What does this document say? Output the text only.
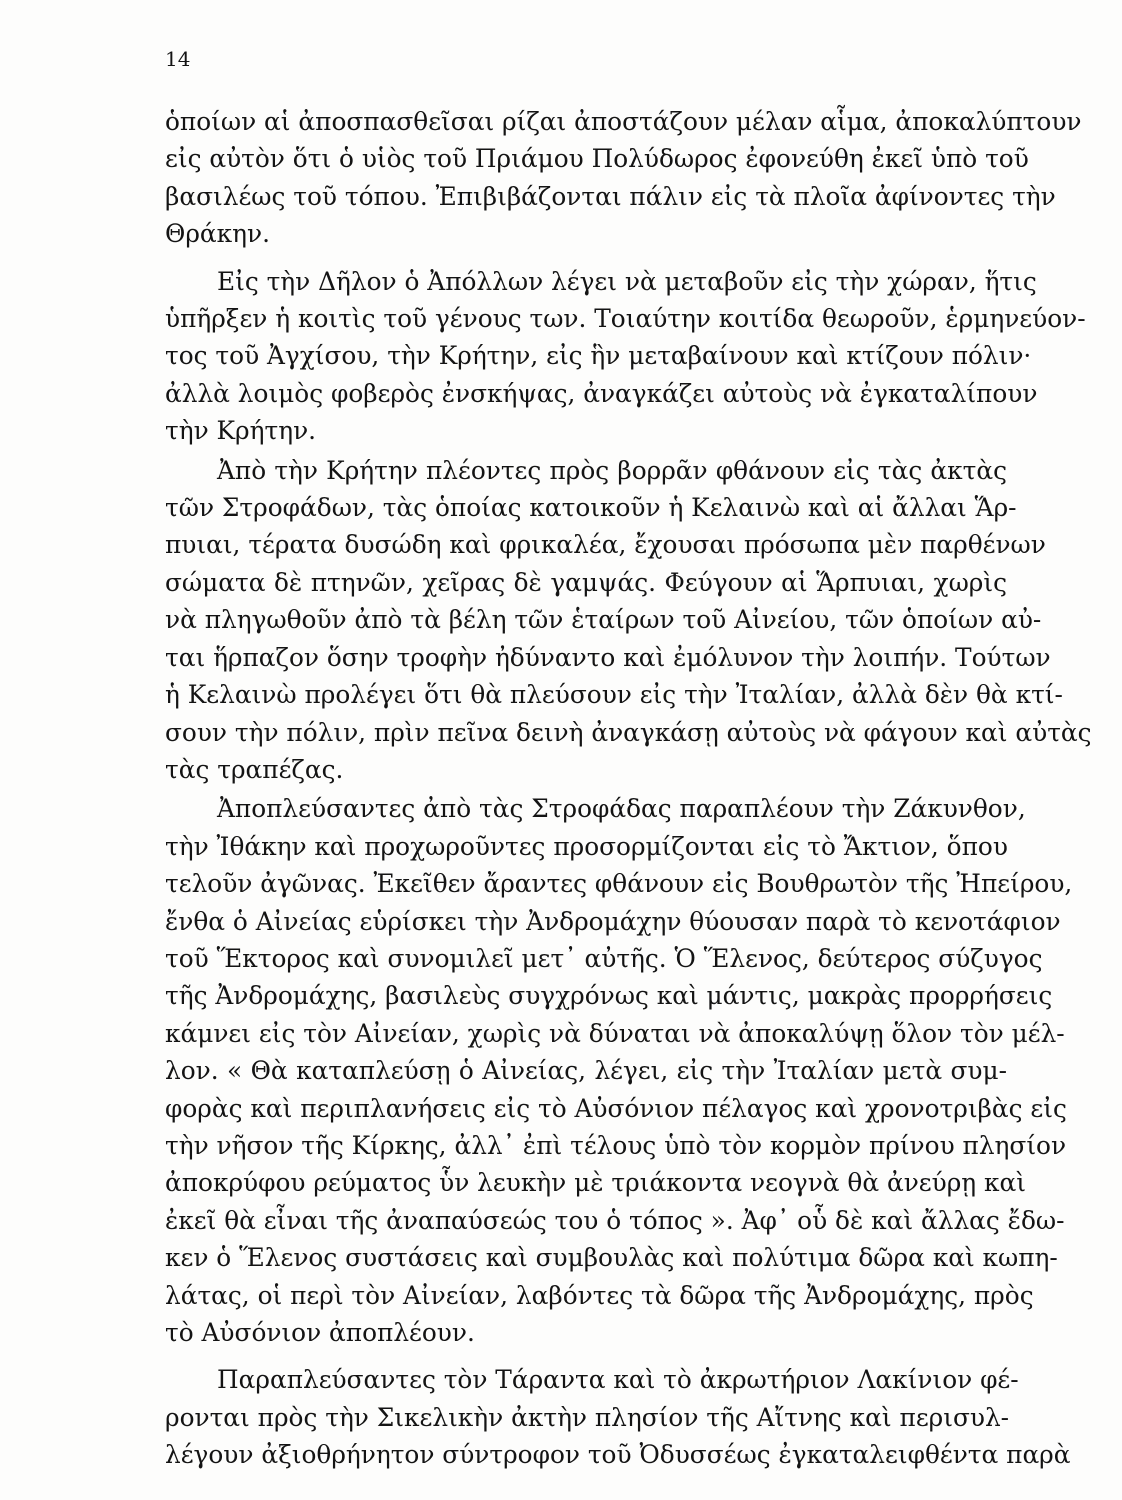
14
ὁποίων αἱ ἀποσπασθεῖσαι ρίζαι ἀποστάζουν μέλαν αἷμα, ἀποκαλύπτουν
εἰς αὐτὸν ὅτι ὁ υἱὸς τοῦ Πριάμου Πολύδωρος ἐφονεύθη ἐκεῖ ὑπὸ τοῦ
βασιλέως τοῦ τόπου. Ἐπιβιβάζονται πάλιν εἰς τὰ πλοῖα ἀφίνοντες τὴν
Θράκην.
Εἰς τὴν Δῆλον ὁ Ἀπόλλων λέγει νὰ μεταβοῦν εἰς τὴν χώραν, ἥτις
ὑπῆρξεν ἡ κοιτὶς τοῦ γένους των. Τοιαύτην κοιτίδα θεωροῦν, ἑρμηνεύον-
τος τοῦ Ἀγχίσου, τὴν Κρήτην, εἰς ἣν μεταβαίνουν καὶ κτίζουν πόλιν·
ἀλλὰ λοιμὸς φοβερὸς ἐνσκήψας, ἀναγκάζει αὐτοὺς νὰ ἐγκαταλίπουν
τὴν Κρήτην.
Ἀπὸ τὴν Κρήτην πλέοντες πρὸς βορρᾶν φθάνουν εἰς τὰς ἀκτὰς
τῶν Στροφάδων, τὰς ὁποίας κατοικοῦν ἡ Κελαινὼ καὶ αἱ ἄλλαι Ἅρ-
πυιαι, τέρατα δυσώδη καὶ φρικαλέα, ἔχουσαι πρόσωπα μὲν παρθένων
σώματα δὲ πτηνῶν, χεῖρας δὲ γαμψάς. Φεύγουν αἱ Ἅρπυιαι, χωρὶς
νὰ πληγωθοῦν ἀπὸ τὰ βέλη τῶν ἑταίρων τοῦ Αἰνείου, τῶν ὁποίων αὐ-
ται ἥρπαζον ὅσην τροφὴν ἠδύναντο καὶ ἐμόλυνον τὴν λοιπήν. Τούτων
ἡ Κελαινὼ προλέγει ὅτι θὰ πλεύσουν εἰς τὴν Ἰταλίαν, ἀλλὰ δὲν θὰ κτί-
σουν τὴν πόλιν, πρὶν πεῖνα δεινὴ ἀναγκάσῃ αὐτοὺς νὰ φάγουν καὶ αὐτὰς
τὰς τραπέζας.
Ἀποπλεύσαντες ἀπὸ τὰς Στροφάδας παραπλέουν τὴν Ζάκυνθον,
τὴν Ἰθάκην καὶ προχωροῦντες προσορμίζονται εἰς τὸ Ἄκτιον, ὅπου
τελοῦν ἀγῶνας. Ἐκεῖθεν ἄραντες φθάνουν εἰς Βουθρωτὸν τῆς Ἠπείρου,
ἔνθα ὁ Αἰνείας εὑρίσκει τὴν Ἀνδρομάχην θύουσαν παρὰ τὸ κενοτάφιον
τοῦ Ἕκτορος καὶ συνομιλεῖ μετ᾽ αὐτῆς. Ὁ Ἕλενος, δεύτερος σύζυγος
τῆς Ἀνδρομάχης, βασιλεὺς συγχρόνως καὶ μάντις, μακρὰς προρρήσεις
κάμνει εἰς τὸν Αἰνείαν, χωρὶς νὰ δύναται νὰ ἀποκαλύψῃ ὅλον τὸν μέλ-
λον. « Θὰ καταπλεύσῃ ὁ Αἰνείας, λέγει, εἰς τὴν Ἰταλίαν μετὰ συμ-
φορὰς καὶ περιπλανήσεις εἰς τὸ Αὐσόνιον πέλαγος καὶ χρονοτριβὰς εἰς
τὴν νῆσον τῆς Κίρκης, ἀλλ᾽ ἐπὶ τέλους ὑπὸ τὸν κορμὸν πρίνου πλησίον
ἀποκρύφου ρεύματος ὗν λευκὴν μὲ τριάκοντα νεογνὰ θὰ ἀνεύρῃ καὶ
ἐκεῖ θὰ εἶναι τῆς ἀναπαύσεώς του ὁ τόπος ». Ἀφ᾽ οὗ δὲ καὶ ἄλλας ἔδω-
κεν ὁ Ἕλενος συστάσεις καὶ συμβουλὰς καὶ πολύτιμα δῶρα καὶ κωπη-
λάτας, οἱ περὶ τὸν Αἰνείαν, λαβόντες τὰ δῶρα τῆς Ἀνδρομάχης, πρὸς
τὸ Αὐσόνιον ἀποπλέουν.
Παραπλεύσαντες τὸν Τάραντα καὶ τὸ ἀκρωτήριον Λακίνιον φέ-
ρονται πρὸς τὴν Σικελικὴν ἀκτὴν πλησίον τῆς Αἴτνης καὶ περισυλ-
λέγουν ἀξιοθρήνητον σύντροφον τοῦ Ὀδυσσέως ἐγκαταλειφθέντα παρὰ
